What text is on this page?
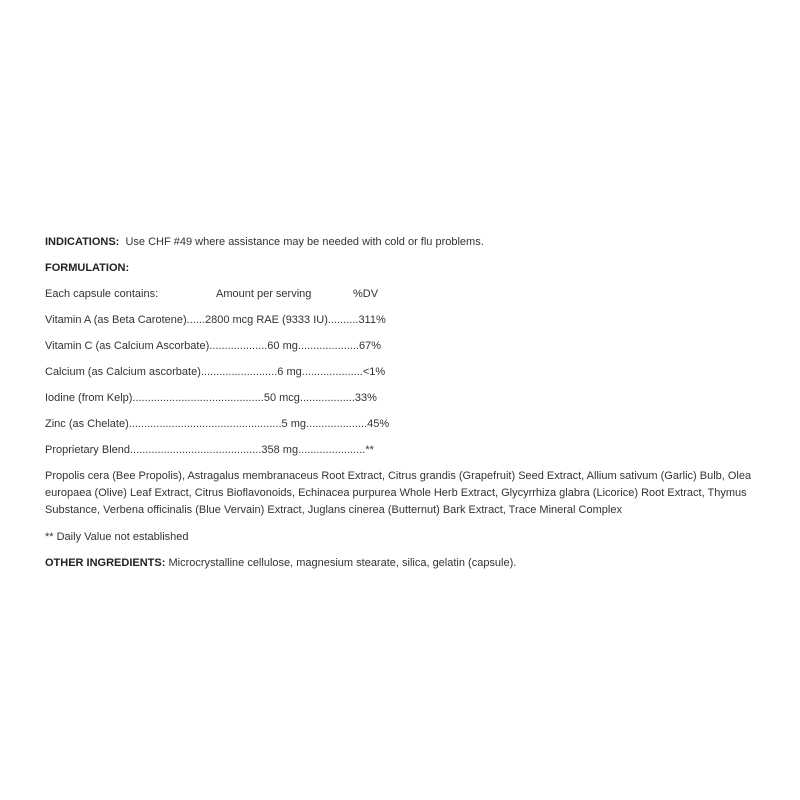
INDICATIONS: Use CHF #49 where assistance may be needed with cold or flu problems.

FORMULATION:

Each capsule contains:	Amount per serving	%DV

Vitamin A (as Beta Carotene)......2800 mcg RAE (9333 IU)..........311%

Vitamin C (as Calcium Ascorbate)...................60 mg....................67%

Calcium (as Calcium ascorbate).........................6 mg....................<1%

Iodine (from Kelp)...........................................50 mcg..................33%

Zinc (as Chelate)..................................................5 mg....................45%

Proprietary Blend...........................................358 mg......................**

Propolis cera (Bee Propolis), Astragalus membranaceus Root Extract, Citrus grandis (Grapefruit) Seed Extract, Allium sativum (Garlic) Bulb, Olea europaea (Olive) Leaf Extract, Citrus Bioflavonoids, Echinacea purpurea Whole Herb Extract, Glycyrrhiza glabra (Licorice) Root Extract, Thymus Substance, Verbena officinalis (Blue Vervain) Extract, Juglans cinerea (Butternut) Bark Extract, Trace Mineral Complex

** Daily Value not established

OTHER INGREDIENTS: Microcrystalline cellulose, magnesium stearate, silica, gelatin (capsule).
